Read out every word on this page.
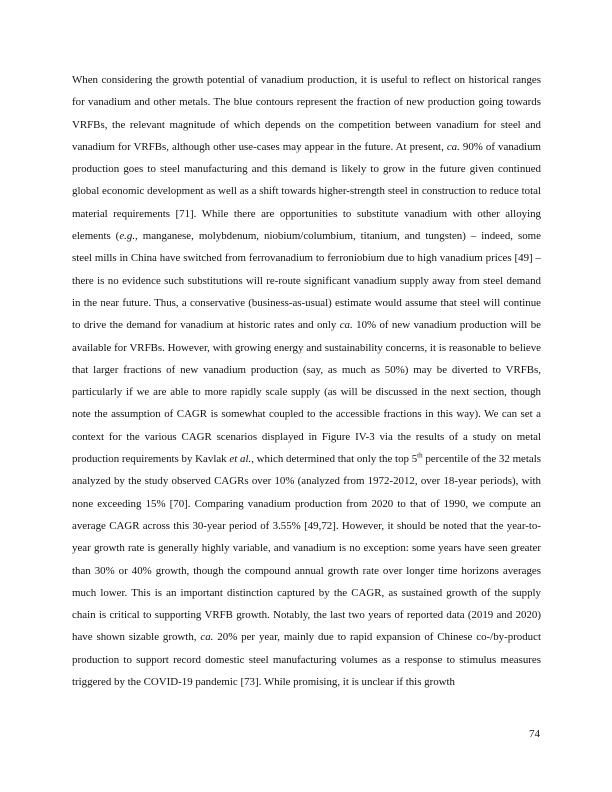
When considering the growth potential of vanadium production, it is useful to reflect on historical ranges for vanadium and other metals. The blue contours represent the fraction of new production going towards VRFBs, the relevant magnitude of which depends on the competition between vanadium for steel and vanadium for VRFBs, although other use-cases may appear in the future. At present, ca. 90% of vanadium production goes to steel manufacturing and this demand is likely to grow in the future given continued global economic development as well as a shift towards higher-strength steel in construction to reduce total material requirements [71]. While there are opportunities to substitute vanadium with other alloying elements (e.g., manganese, molybdenum, niobium/columbium, titanium, and tungsten) – indeed, some steel mills in China have switched from ferrovanadium to ferroniobium due to high vanadium prices [49] – there is no evidence such substitutions will re-route significant vanadium supply away from steel demand in the near future. Thus, a conservative (business-as-usual) estimate would assume that steel will continue to drive the demand for vanadium at historic rates and only ca. 10% of new vanadium production will be available for VRFBs. However, with growing energy and sustainability concerns, it is reasonable to believe that larger fractions of new vanadium production (say, as much as 50%) may be diverted to VRFBs, particularly if we are able to more rapidly scale supply (as will be discussed in the next section, though note the assumption of CAGR is somewhat coupled to the accessible fractions in this way). We can set a context for the various CAGR scenarios displayed in Figure IV-3 via the results of a study on metal production requirements by Kavlak et al., which determined that only the top 5th percentile of the 32 metals analyzed by the study observed CAGRs over 10% (analyzed from 1972-2012, over 18-year periods), with none exceeding 15% [70]. Comparing vanadium production from 2020 to that of 1990, we compute an average CAGR across this 30-year period of 3.55% [49,72]. However, it should be noted that the year-to-year growth rate is generally highly variable, and vanadium is no exception: some years have seen greater than 30% or 40% growth, though the compound annual growth rate over longer time horizons averages much lower. This is an important distinction captured by the CAGR, as sustained growth of the supply chain is critical to supporting VRFB growth. Notably, the last two years of reported data (2019 and 2020) have shown sizable growth, ca. 20% per year, mainly due to rapid expansion of Chinese co-/by-product production to support record domestic steel manufacturing volumes as a response to stimulus measures triggered by the COVID-19 pandemic [73]. While promising, it is unclear if this growth

74
